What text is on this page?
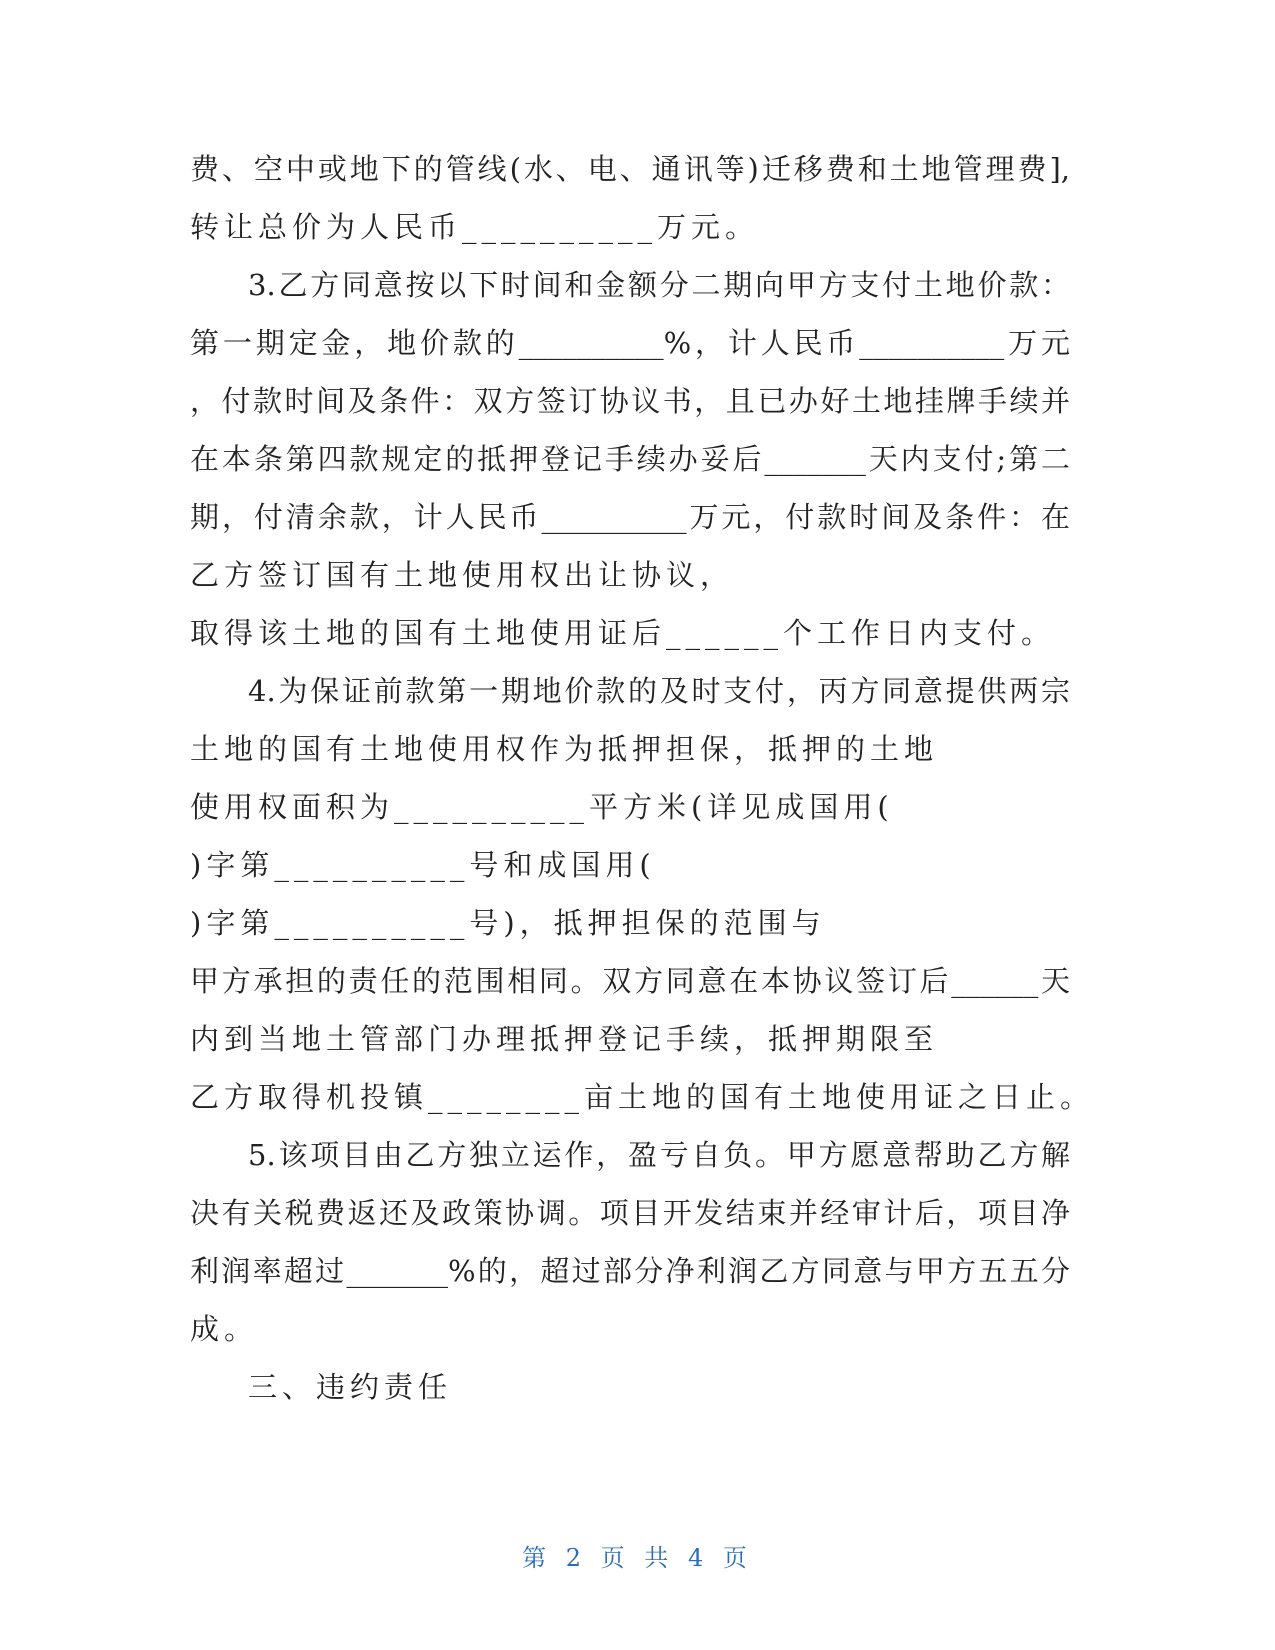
费、空中或地下的管线(水、电、通讯等)迁移费和土地管理费],
转让总价为人民币__________万元。
3.乙方同意按以下时间和金额分二期向甲方支付土地价款：
第一期定金，地价款的__________%，计人民币__________万元
，付款时间及条件：双方签订协议书，且已办好土地挂牌手续并
在本条第四款规定的抵押登记手续办妥后_______天内支付;第二
期，付清余款，计人民币__________万元，付款时间及条件：在
乙方签订国有土地使用权出让协议，
取得该土地的国有土地使用证后______个工作日内支付。
4.为保证前款第一期地价款的及时支付，丙方同意提供两宗
土地的国有土地使用权作为抵押担保，抵押的土地
使用权面积为__________平方米(详见成国用(
)字第__________号和成国用(
)字第__________号)，抵押担保的范围与
甲方承担的责任的范围相同。双方同意在本协议签订后______天
内到当地土管部门办理抵押登记手续，抵押期限至
乙方取得机投镇________亩土地的国有土地使用证之日止。
5.该项目由乙方独立运作，盈亏自负。甲方愿意帮助乙方解
决有关税费返还及政策协调。项目开发结束并经审计后，项目净
利润率超过_______%的，超过部分净利润乙方同意与甲方五五分
成。
三、违约责任
第 2 页 共 4 页
